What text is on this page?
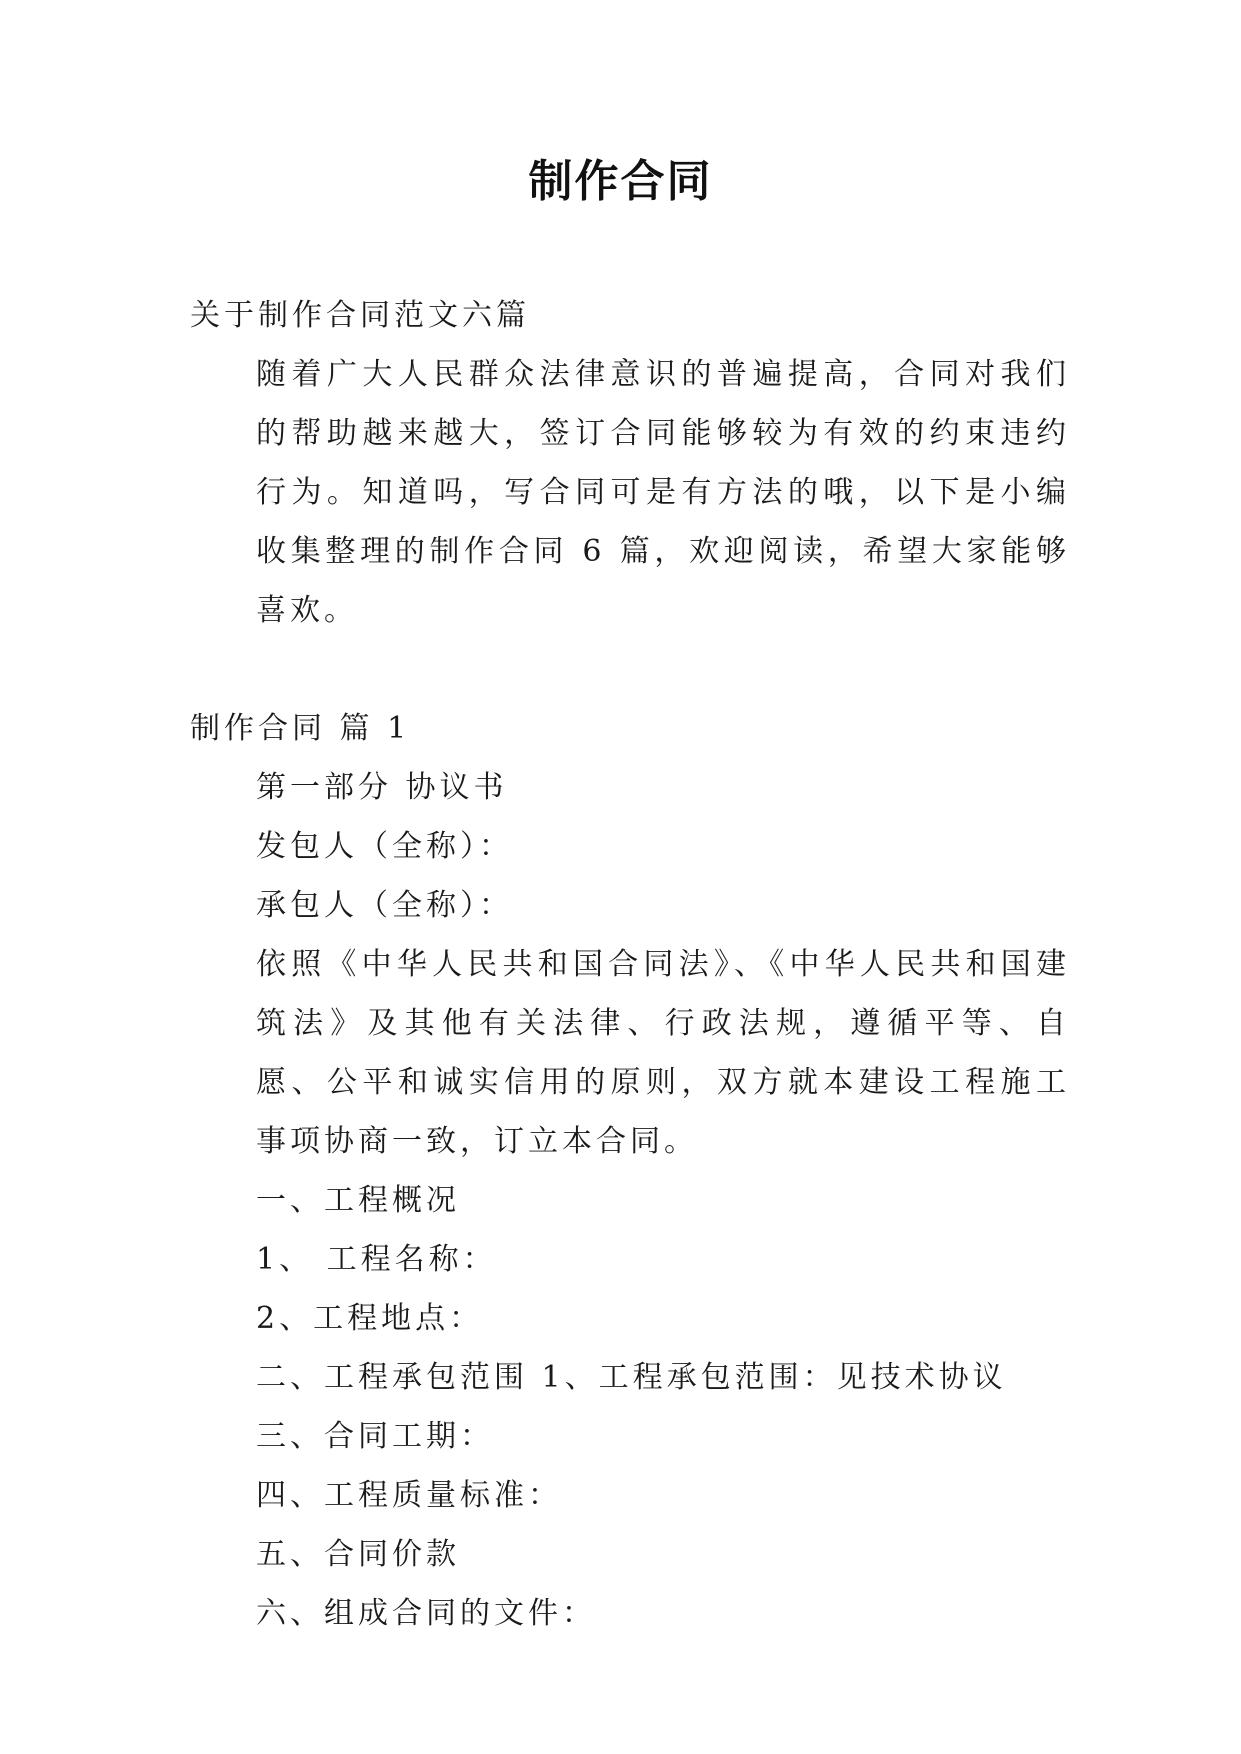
制作合同

关于制作合同范文六篇

随着广大人民群众法律意识的普遍提高，合同对我们的帮助越来越大，签订合同能够较为有效的约束违约行为。知道吗，写合同可是有方法的哦，以下是小编收集整理的制作合同 6 篇，欢迎阅读，希望大家能够喜欢。

制作合同 篇 1

第一部分 协议书

发包人（全称）：

承包人（全称）：

依照《中华人民共和国合同法》、《中华人民共和国建筑法》及其他有关法律、行政法规，遵循平等、自愿、公平和诚实信用的原则，双方就本建设工程施工事项协商一致，订立本合同。

一、工程概况

1、 工程名称：

2、工程地点：

二、工程承包范围 1、工程承包范围：见技术协议

三、合同工期：

四、工程质量标准：

五、合同价款

六、组成合同的文件：
